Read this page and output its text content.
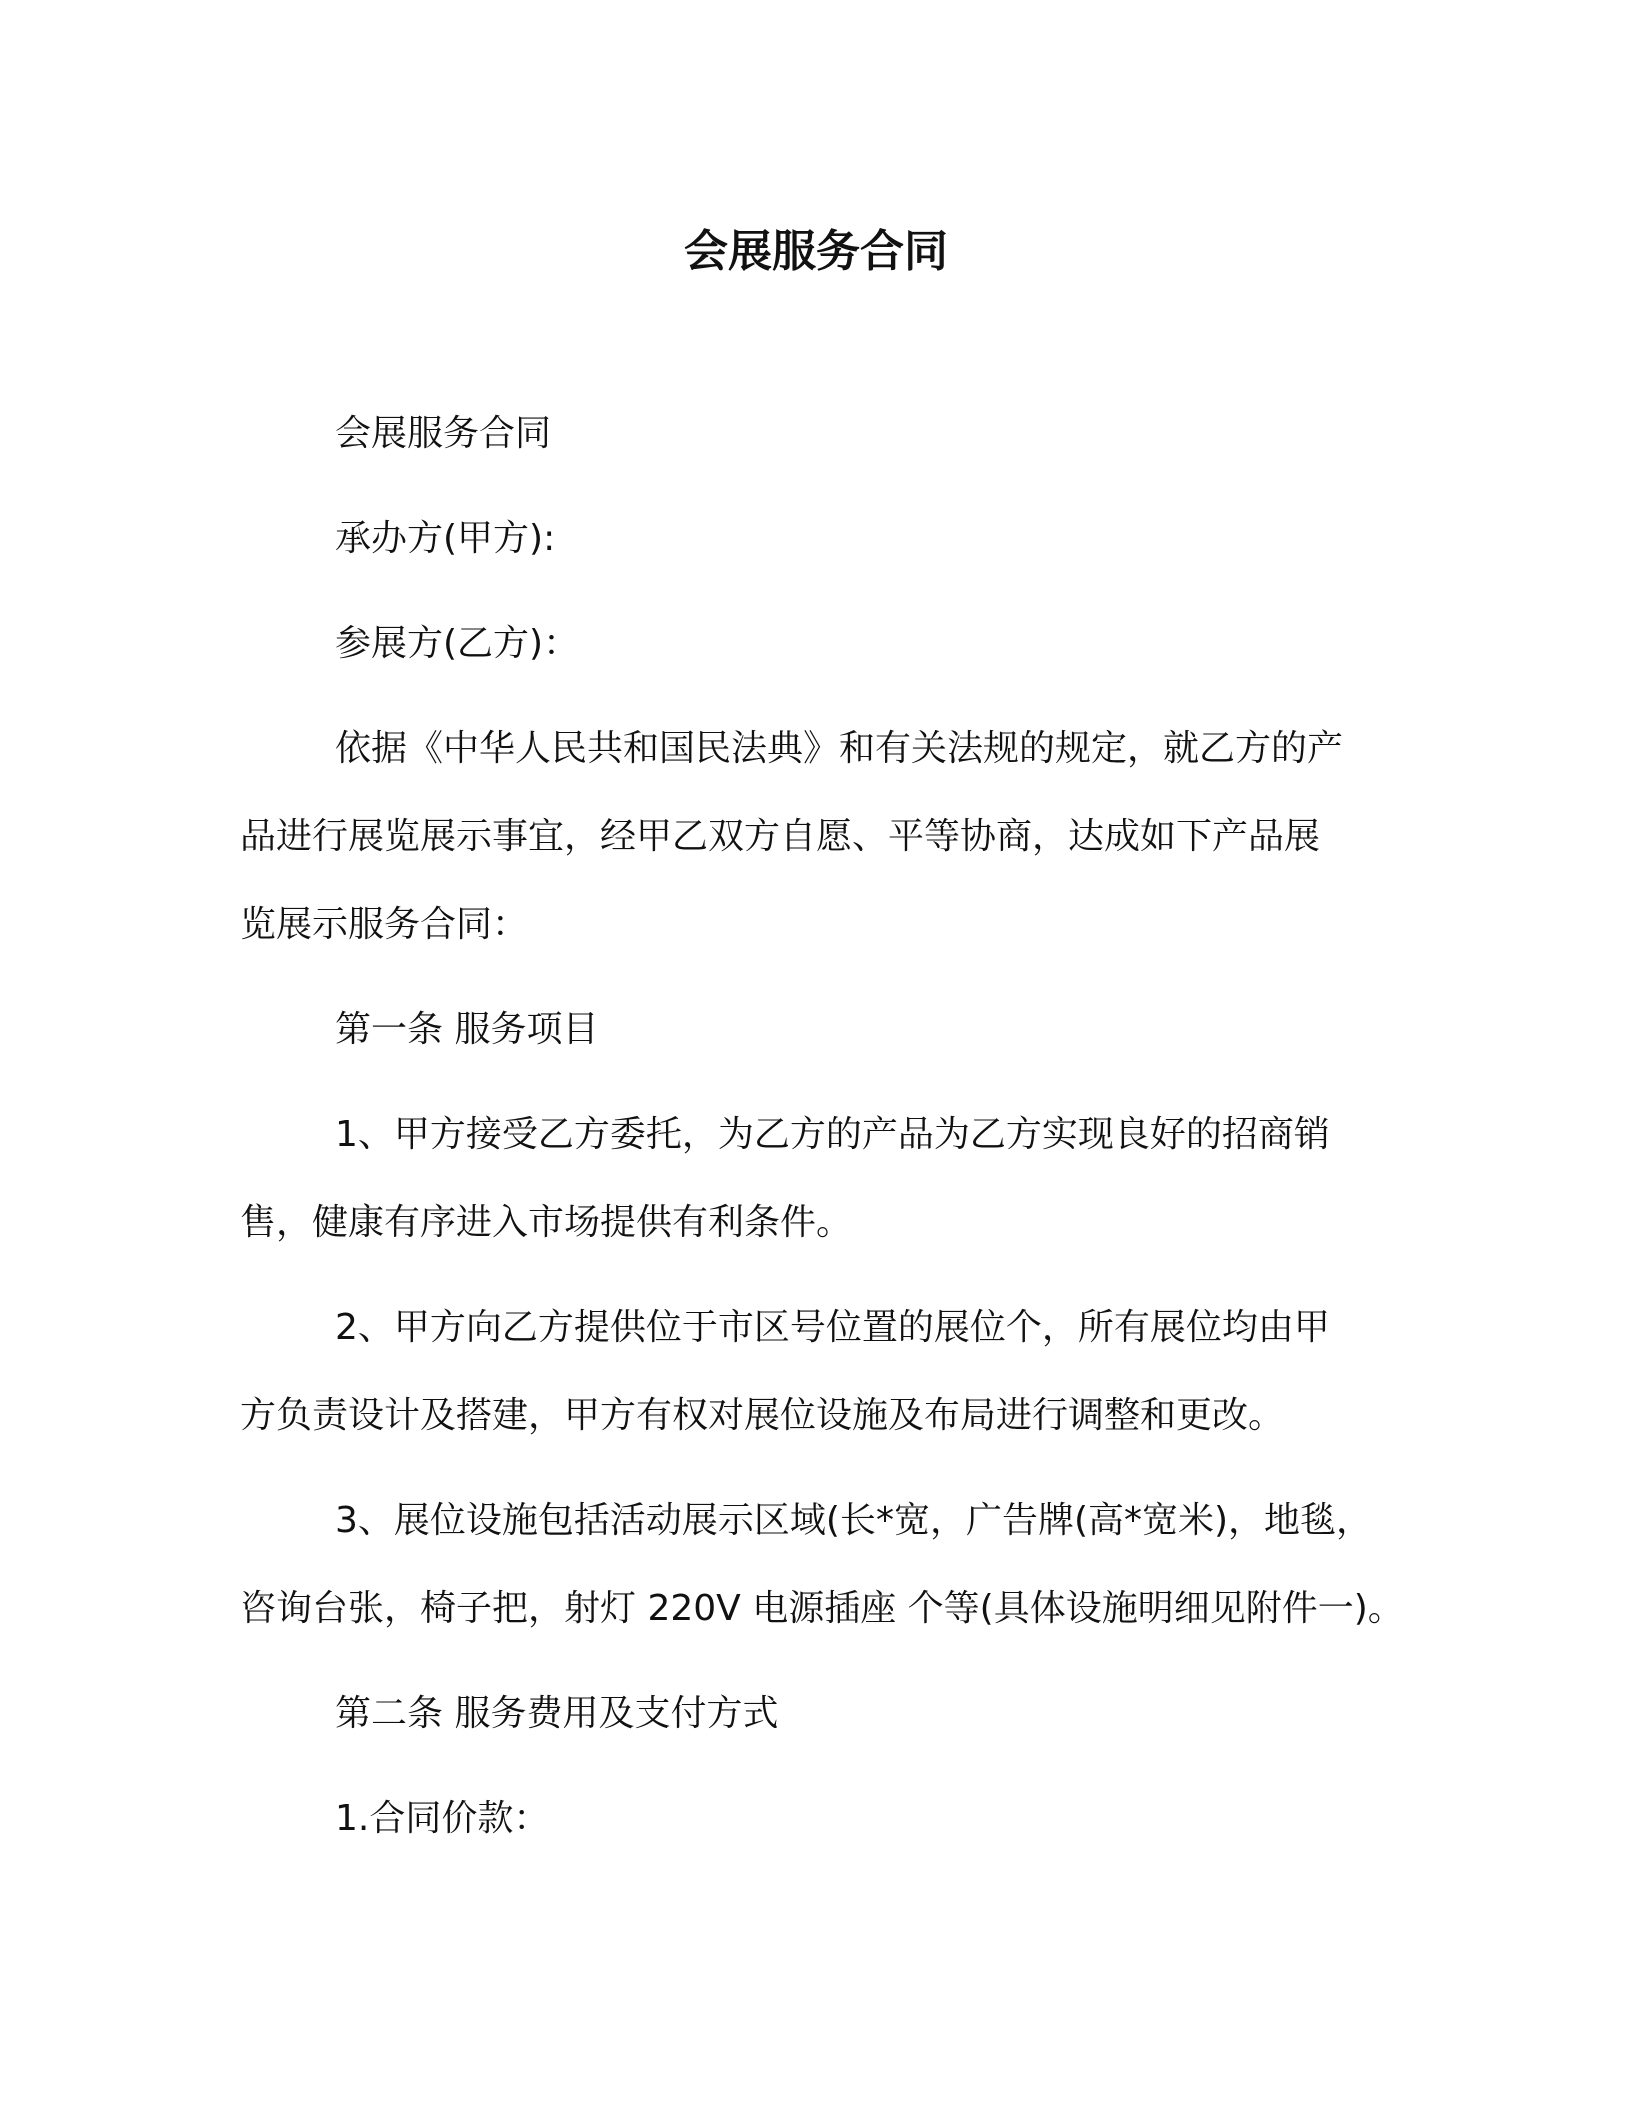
会展服务合同
会展服务合同
承办方(甲方):
参展方(乙方)：
依据《中华人民共和国民法典》和有关法规的规定，就乙方的产
品进行展览展示事宜，经甲乙双方自愿、平等协商，达成如下产品展
览展示服务合同：
第一条 服务项目
1、甲方接受乙方委托，为乙方的产品为乙方实现良好的招商销
售，健康有序进入市场提供有利条件。
2、甲方向乙方提供位于市区号位置的展位个，所有展位均由甲
方负责设计及搭建，甲方有权对展位设施及布局进行调整和更改。
3、展位设施包括活动展示区域(长*宽，广告牌(高*宽米)，地毯，
咨询台张，椅子把，射灯 220V 电源插座 个等(具体设施明细见附件一)。
第二条 服务费用及支付方式
1.合同价款：
